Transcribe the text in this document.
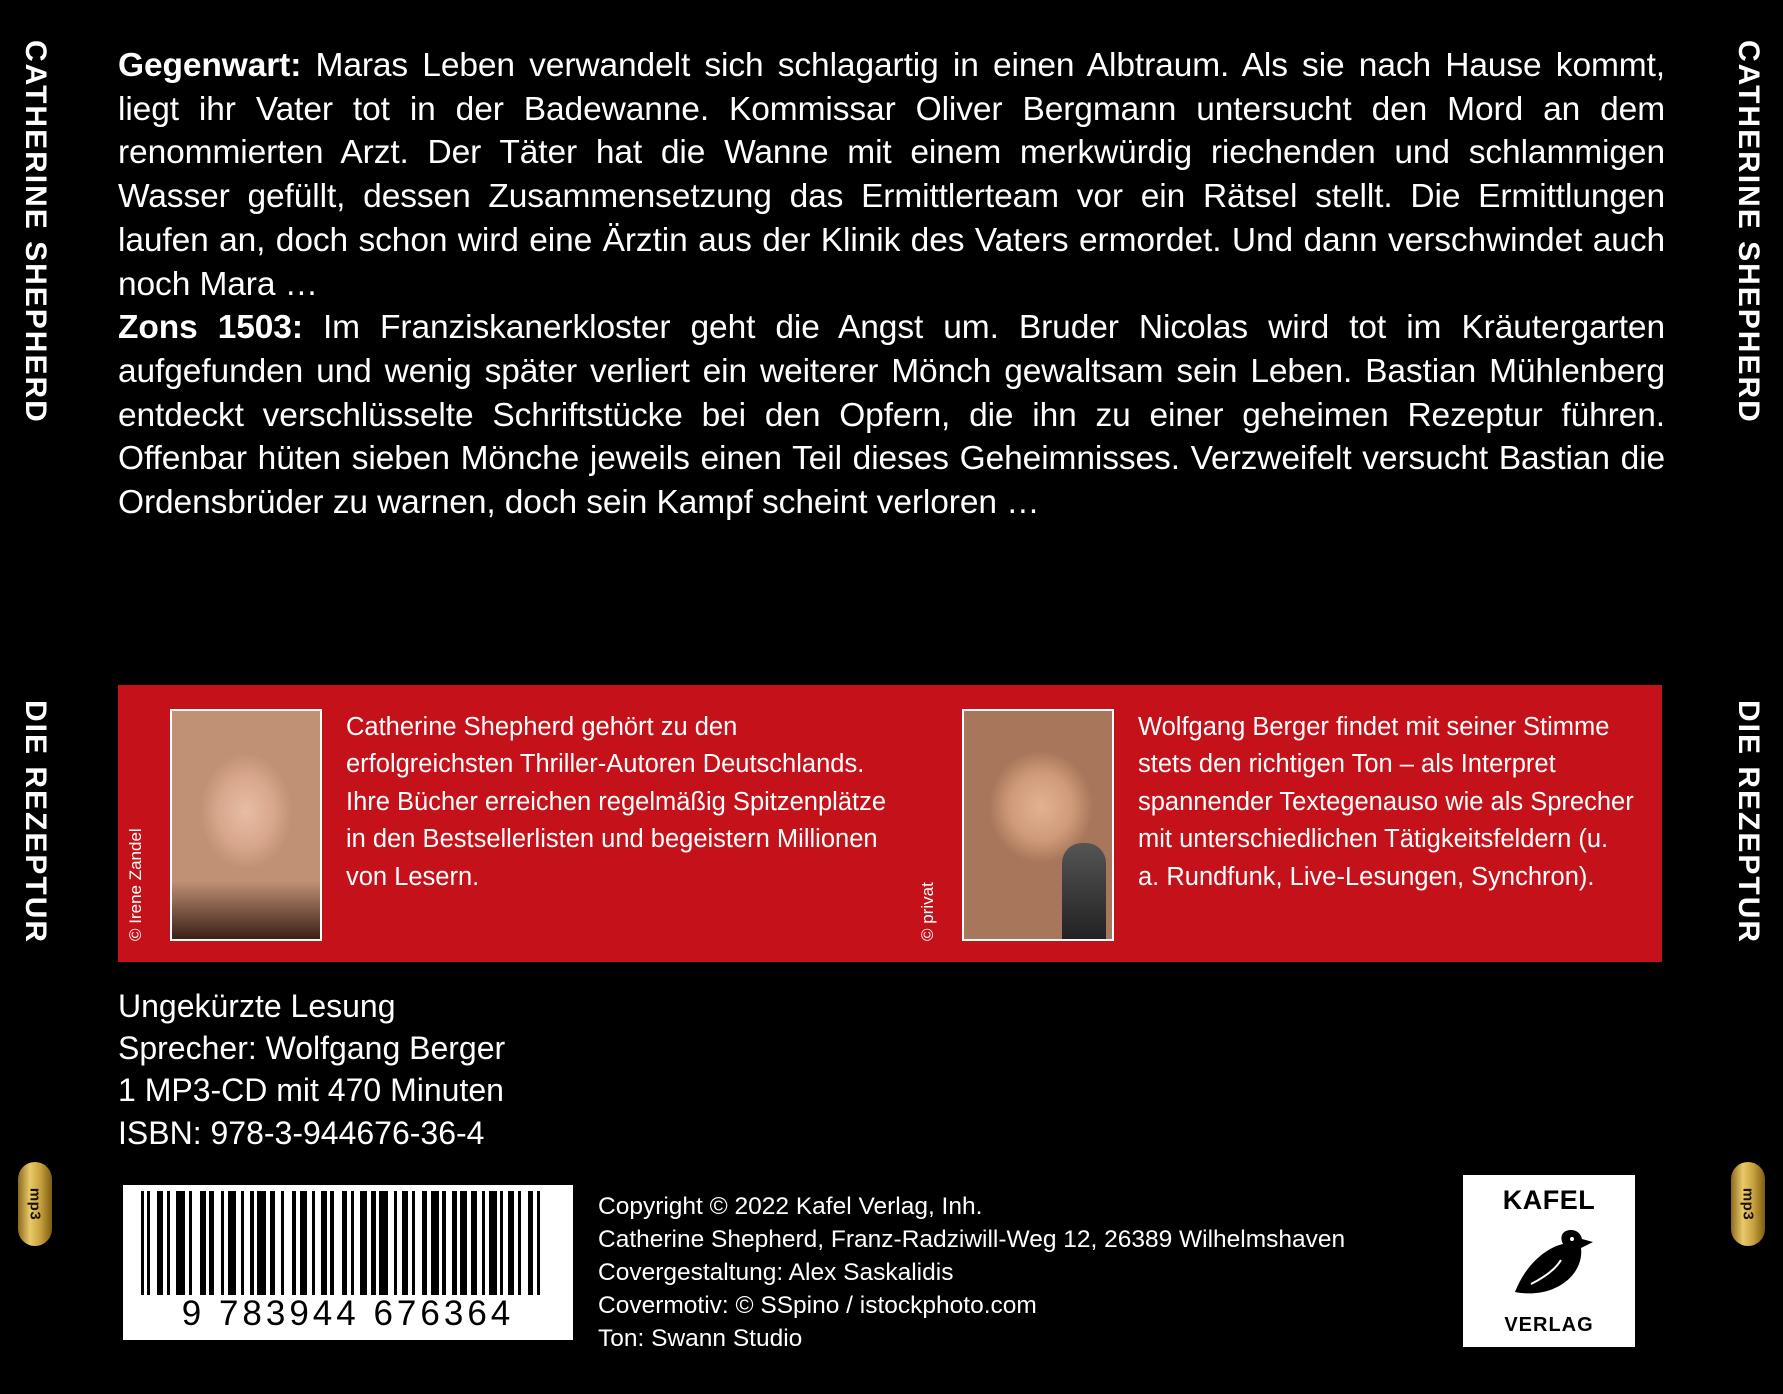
CATHERINE SHEPHERD
DIE REZEPTUR
mp3
CATHERINE SHEPHERD
DIE REZEPTUR
mp3

Gegenwart: Maras Leben verwandelt sich schlagartig in einen Albtraum. Als sie nach Hause kommt, liegt ihr Vater tot in der Badewanne. Kommissar Oliver Bergmann untersucht den Mord an dem renommierten Arzt. Der Täter hat die Wanne mit einem merkwürdig riechenden und schlammigen Wasser gefüllt, dessen Zusammensetzung das Ermittlerteam vor ein Rätsel stellt. Die Ermittlungen laufen an, doch schon wird eine Ärztin aus der Klinik des Vaters ermordet. Und dann verschwindet auch noch Mara …

Zons 1503: Im Franziskanerkloster geht die Angst um. Bruder Nicolas wird tot im Kräutergarten aufgefunden und wenig später verliert ein weiterer Mönch gewaltsam sein Leben. Bastian Mühlenberg entdeckt verschlüsselte Schriftstücke bei den Opfern, die ihn zu einer geheimen Rezeptur führen. Offenbar hüten sieben Mönche jeweils einen Teil dieses Geheimnisses. Verzweifelt versucht Bastian die Ordensbrüder zu warnen, doch sein Kampf scheint verloren …

© Irene Zandel
Catherine Shepherd gehört zu den erfolgreichsten Thriller-Autoren Deutschlands. Ihre Bücher erreichen regelmäßig Spitzenplätze in den Bestsellerlisten und begeistern Millionen von Lesern.
© privat
Wolfgang Berger findet mit seiner Stimme stets den richtigen Ton – als Interpret spannender Textegenauso wie als Sprecher mit unterschiedlichen Tätigkeitsfeldern (u. a. Rundfunk, Live-Lesungen, Synchron).
Ungekürzte Lesung
Sprecher: Wolfgang Berger
1 MP3-CD mit 470 Minuten
ISBN: 978-3-944676-36-4
9 783944 676364
Copyright © 2022 Kafel Verlag, Inh.
Catherine Shepherd, Franz-Radziwill-Weg 12, 26389 Wilhelmshaven
Covergestaltung: Alex Saskalidis
Covermotiv: © SSpino / istockphoto.com
Ton: Swann Studio
KAFEL
VERLAG
